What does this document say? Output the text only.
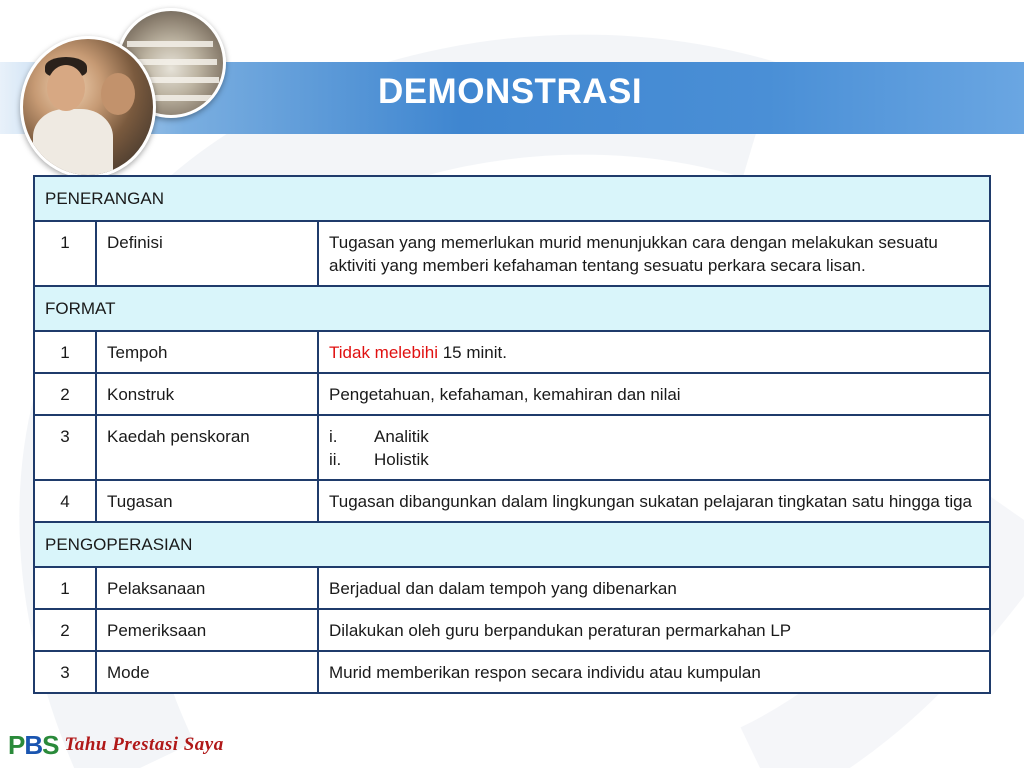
DEMONSTRASI
PENERANGAN		
1	Definisi	Tugasan yang memerlukan murid menunjukkan cara dengan melakukan sesuatu aktiviti yang memberi kefahaman tentang sesuatu perkara secara lisan.
FORMAT		
1	Tempoh	Tidak melebihi 15 minit.
2	Konstruk	Pengetahuan, kefahaman, kemahiran dan nilai
3	Kaedah penskoran	i. Analitik
ii. Holistik

4	Tugasan	Tugasan dibangunkan dalam lingkungan sukatan pelajaran tingkatan satu hingga tiga
PENGOPERASIAN		
1	Pelaksanaan	Berjadual dan dalam tempoh yang dibenarkan
2	Pemeriksaan	Dilakukan oleh guru berpandukan peraturan permarkahan LP
3	Mode	Murid memberikan respon secara individu atau kumpulan
P B S Tahu Prestasi Saya
